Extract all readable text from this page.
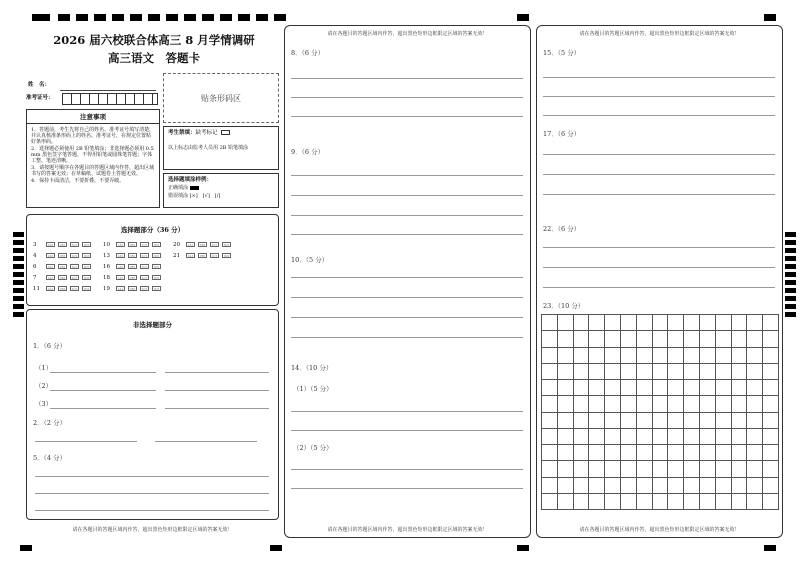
2026 届六校联合体高三 8 月学情调研
高三语文　答题卡
姓　名：
准考证号：	贴条形码区
注意事项

1．答题前，考生先将自己的姓名、准考证号填写清楚，并认真核准条形码上的姓名、准考证号，在规定位置贴好条形码。

2．选择题必须使用 2B 铅笔填涂；非选择题必须用 0.5 mm 黑色签字笔答题，不得用铅笔或圆珠笔答题；字体工整、笔迹清晰。

3．请按题号顺序在各题目的答题区域内作答，超出区域书写的答案无效；在草稿纸、试题卷上答题无效。

4．保持卡面清洁，不要折叠、不要弄破。

考生禁填：缺考标记
以上标志由监考人员用 2B 铅笔填涂
选择题填涂样例：
正确填涂
错误填涂 [×]　[√]　[/]
选择题部分（36 分）
3	[A]	[B]	[C]	[D]	10	[A]	[B]	[C]	[D]	20	[A]	[B]	[C]	[D]
4	[A]	[B]	[C]	[D]	13	[A]	[B]	[C]	[D]	21	[A]	[B]	[C]	[D]
6	[A]	[B]	[C]	[D]	16	[A]	[B]	[C]	[D]
7	[A]	[B]	[C]	[D]	18	[A]	[B]	[C]	[D]
11	[A]	[B]	[C]	[D]	19	[A]	[B]	[C]	[D]
非选择题部分
1．（6 分）
（1）
（2）
（3）
2．（2 分）
5．（4 分）
请在各题目的答题区域内作答，超出黑色矩形边框限定区域的答案无效！
请在各题目的答题区域内作答，超出黑色矩形边框限定区域的答案无效！
8．（6 分）
9．（6 分）
10．（5 分）
14．（10 分）
（1）（5 分）
（2）（5 分）
请在各题目的答题区域内作答，超出黑色矩形边框限定区域的答案无效！
请在各题目的答题区域内作答，超出黑色矩形边框限定区域的答案无效！
15．（5 分）
17．（6 分）
22．（6 分）
23．（10 分）
请在各题目的答题区域内作答，超出黑色矩形边框限定区域的答案无效！
